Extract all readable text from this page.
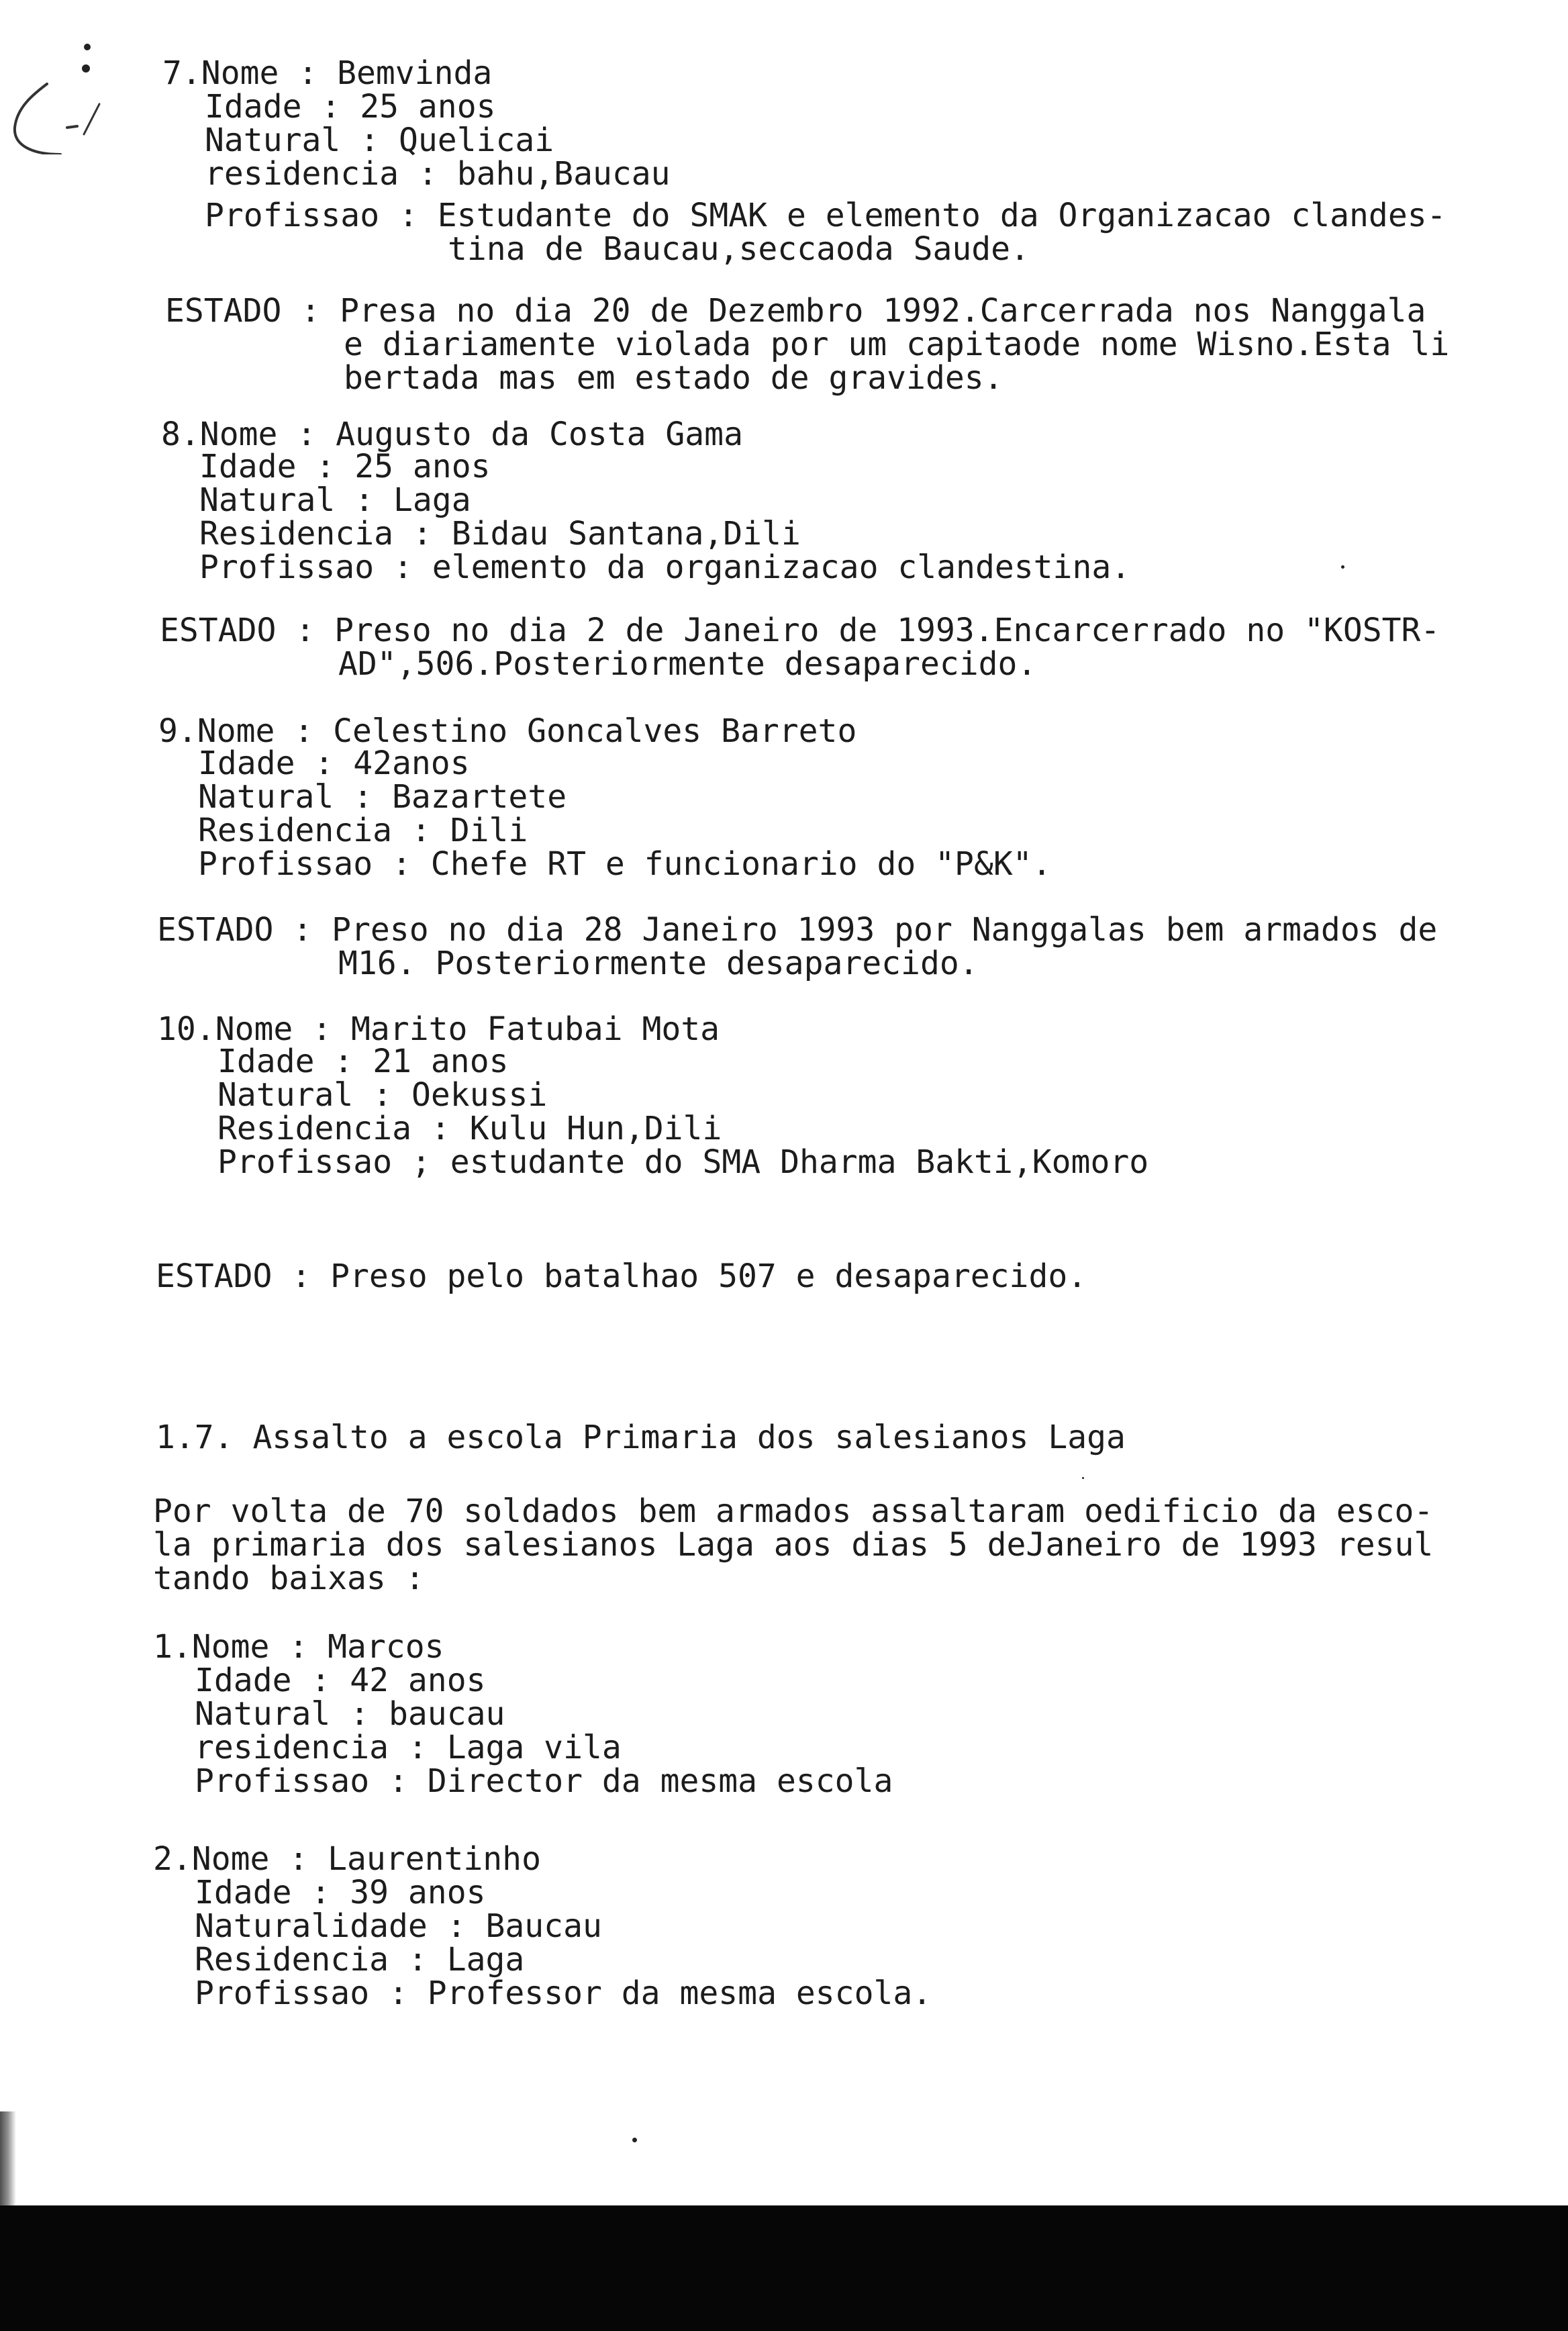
7.Nome : Bemvinda
Idade : 25 anos
Natural : Quelicai
residencia : bahu,Baucau
Profissao : Estudante do SMAK e elemento da Organizacao clandes-
tina de Baucau,seccaoda Saude.
ESTADO : Presa no dia 20 de Dezembro 1992.Carcerrada nos Nanggala
e diariamente violada por um capitaode nome Wisno.Esta li
bertada mas em estado de gravides.
8.Nome : Augusto da Costa Gama
Idade : 25 anos
Natural : Laga
Residencia : Bidau Santana,Dili
Profissao : elemento da organizacao clandestina.
ESTADO : Preso no dia 2 de Janeiro de 1993.Encarcerrado no "KOSTR-
AD",506.Posteriormente desaparecido.
9.Nome : Celestino Goncalves Barreto
Idade : 42anos
Natural : Bazartete
Residencia : Dili
Profissao : Chefe RT e funcionario do "P&K".
ESTADO : Preso no dia 28 Janeiro 1993 por Nanggalas bem armados de
M16. Posteriormente desaparecido.
10.Nome : Marito Fatubai Mota
Idade : 21 anos
Natural : Oekussi
Residencia : Kulu Hun,Dili
Profissao ; estudante do SMA Dharma Bakti,Komoro
ESTADO : Preso pelo batalhao 507 e desaparecido.
1.7. Assalto a escola Primaria dos salesianos Laga
Por volta de 70 soldados bem armados assaltaram oedificio da esco-
la primaria dos salesianos Laga aos dias 5 deJaneiro de 1993 resul
tando baixas :
1.Nome : Marcos
Idade : 42 anos
Natural : baucau
residencia : Laga vila
Profissao : Director da mesma escola
2.Nome : Laurentinho
Idade : 39 anos
Naturalidade : Baucau
Residencia : Laga
Profissao : Professor da mesma escola.
